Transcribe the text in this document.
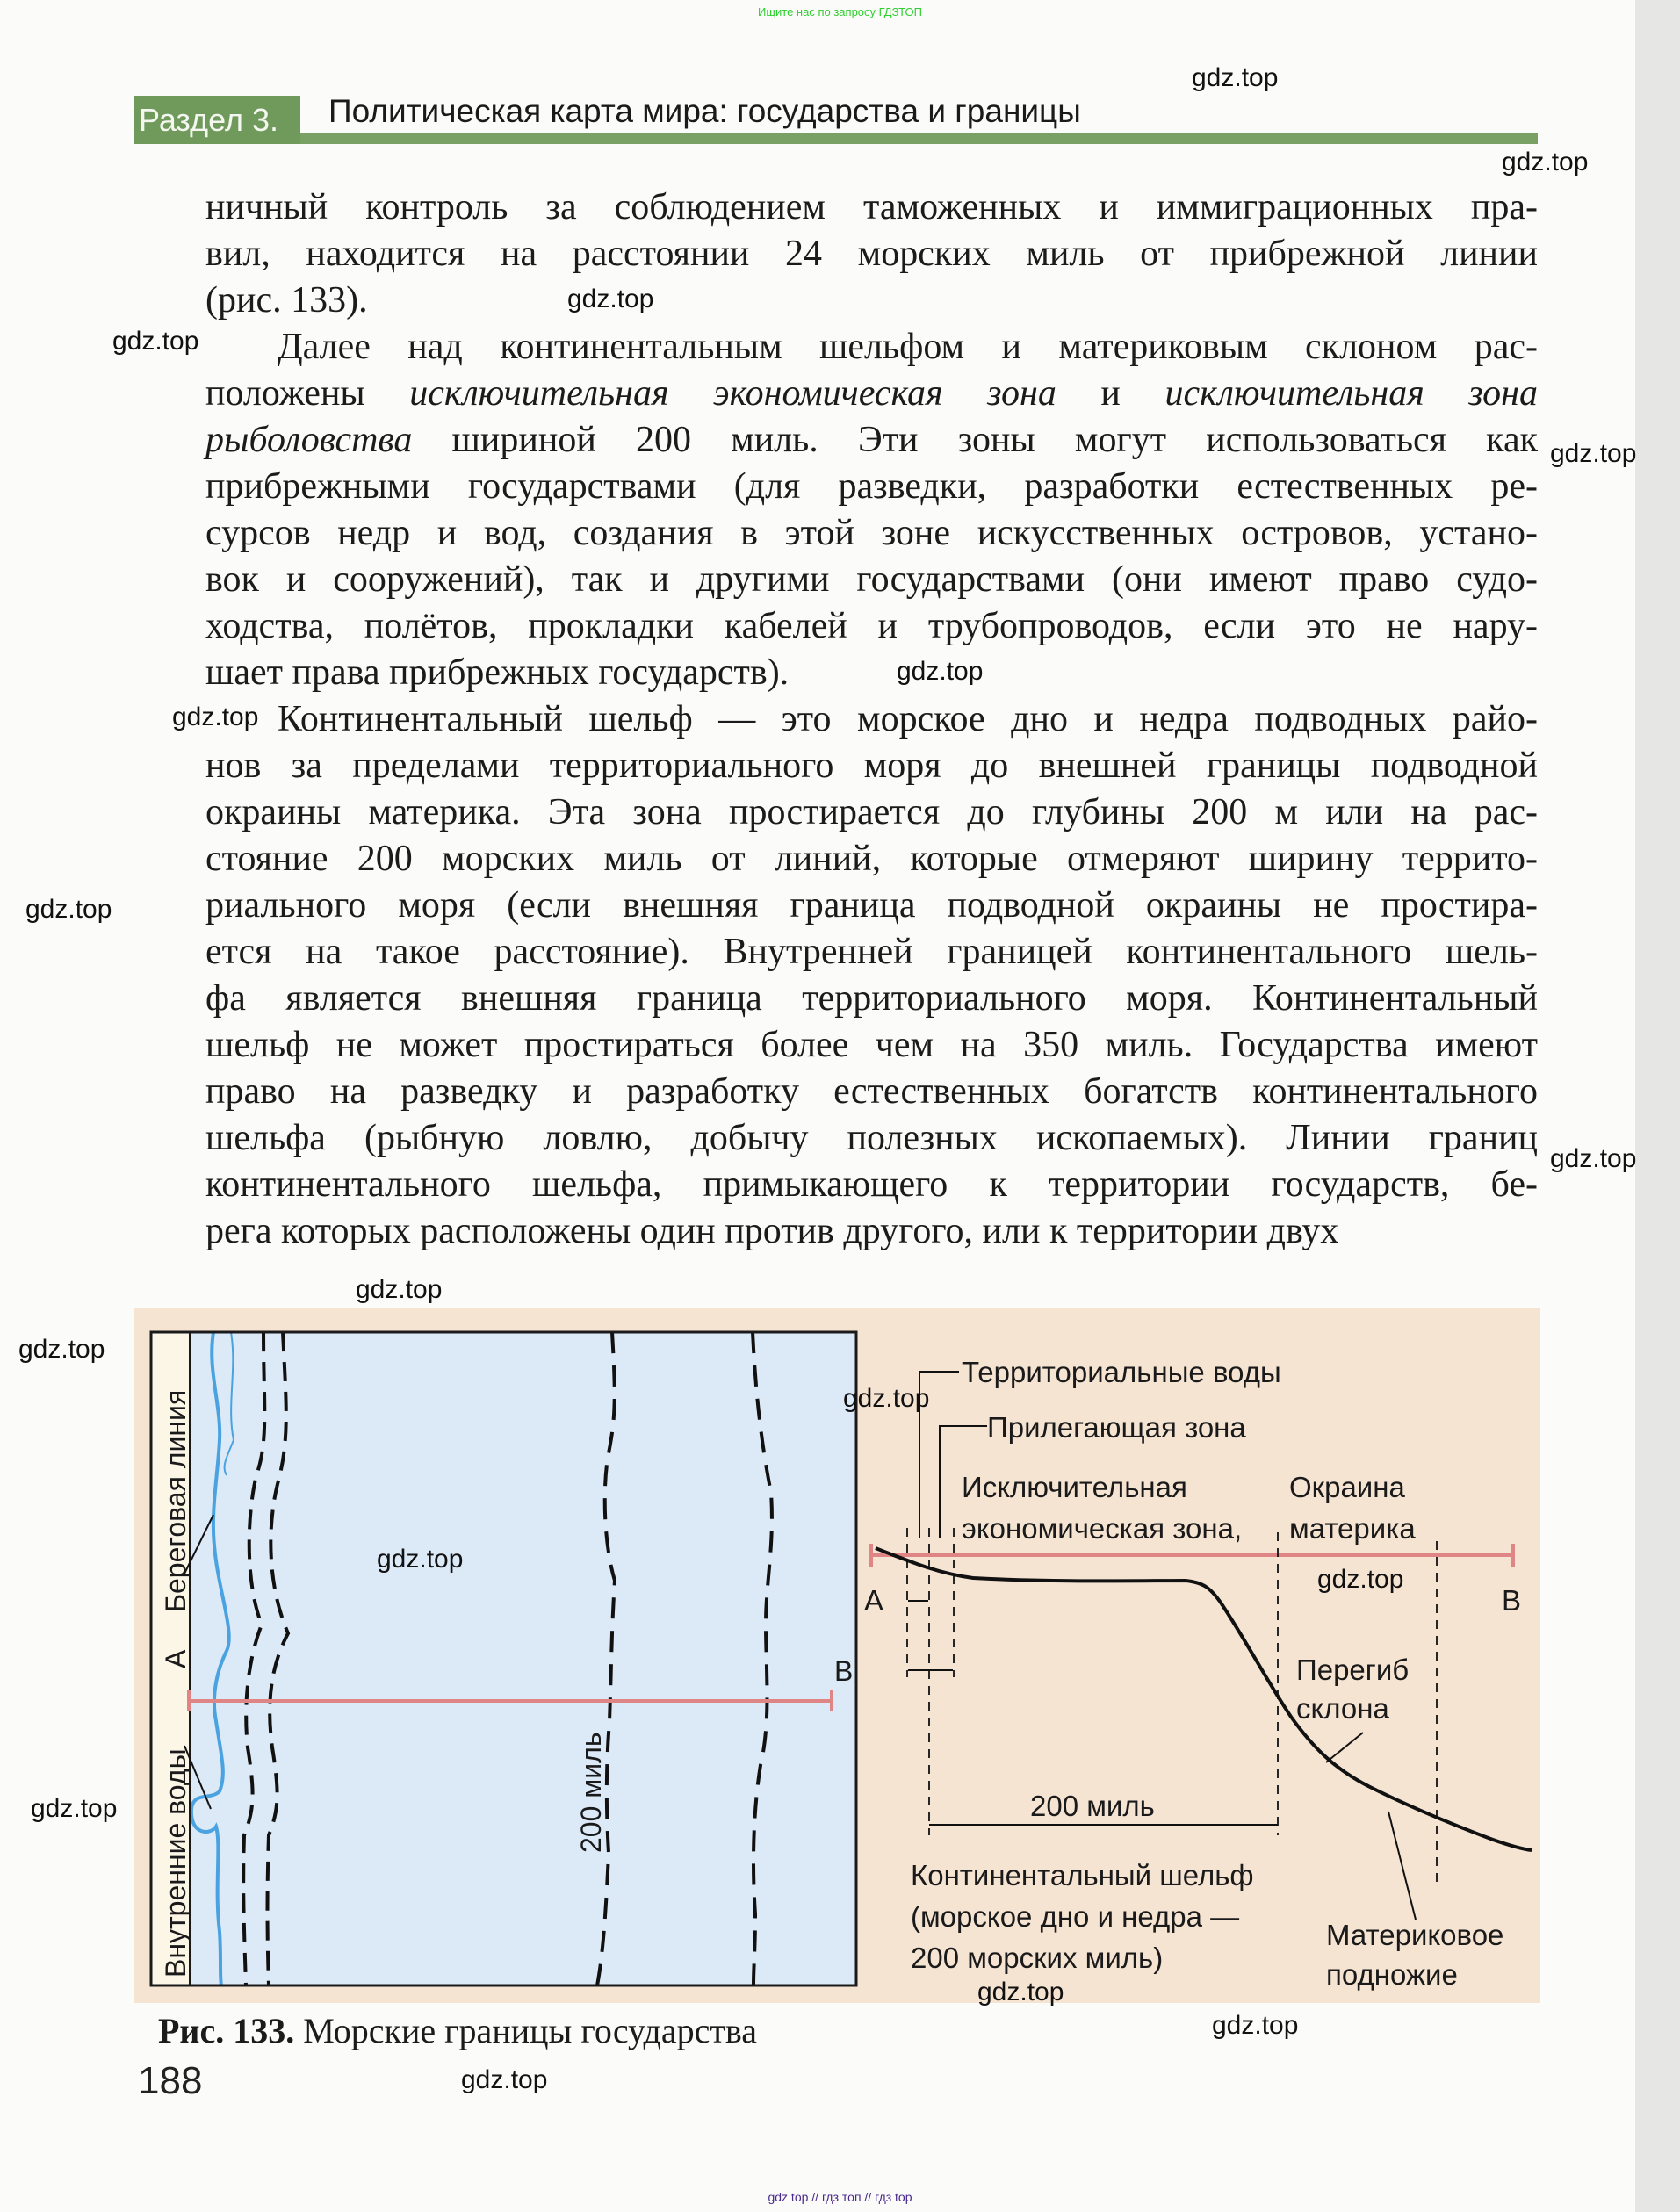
Ищите нас по запросу ГДЗТОП
Раздел 3.	Политическая карта мира: государства и границы
ничный контроль за соблюдением таможенных и иммиграционных пра-
вил, находится на расстоянии 24 морских миль от прибрежной линии
(рис. 133).
Далее над континентальным шельфом и материковым склоном рас-
положены исключительная экономическая зона и исключительная зона
рыболовства шириной 200 миль. Эти зоны могут использоваться как
прибрежными государствами (для разведки, разработки естественных ре-
сурсов недр и вод, создания в этой зоне искусственных островов, устано-
вок и сооружений), так и другими государствами (они имеют право судо-
ходства, полётов, прокладки кабелей и трубопроводов, если это не нару-
шает права прибрежных государств).
Континентальный шельф — это морское дно и недра подводных райо-
нов за пределами территориального моря до внешней границы подводной
окраины материка. Эта зона простирается до глубины 200 м или на рас-
стояние 200 морских миль от линий, которые отмеряют ширину террито-
риального моря (если внешняя граница подводной окраины не простира-
ется на такое расстояние). Внутренней границей континентального шель-
фа является внешняя граница территориального моря. Континентальный
шельф не может простираться более чем на 350 миль. Государства имеют
право на разведку и разработку естественных богатств континентального
шельфа (рыбную ловлю, добычу полезных ископаемых). Линии границ
континентального шельфа, примыкающего к территории государств, бе-
рега которых расположены один против другого, или к территории двух
Береговая линия
Внутренние воды
A	B
200 миль
Территориальные воды
Прилегающая зона
Исключительная
экономическая зона,
Окраина
материка
A	B
Перегиб
склона
200 миль
Континентальный шельф
(морское дно и недра —
200 морских миль)
Материковое
подножие
Рис. 133. Морские границы государства
188
gdz.top
gdz.top
gdz.top
gdz.top
gdz.top
gdz.top
gdz.top
gdz.top
gdz.top
gdz.top
gdz.top
gdz.top
gdz.top
gdz.top
gdz.top
gdz.top
gdz.top
gdz.top
gdz top // гдз топ // гдз top
